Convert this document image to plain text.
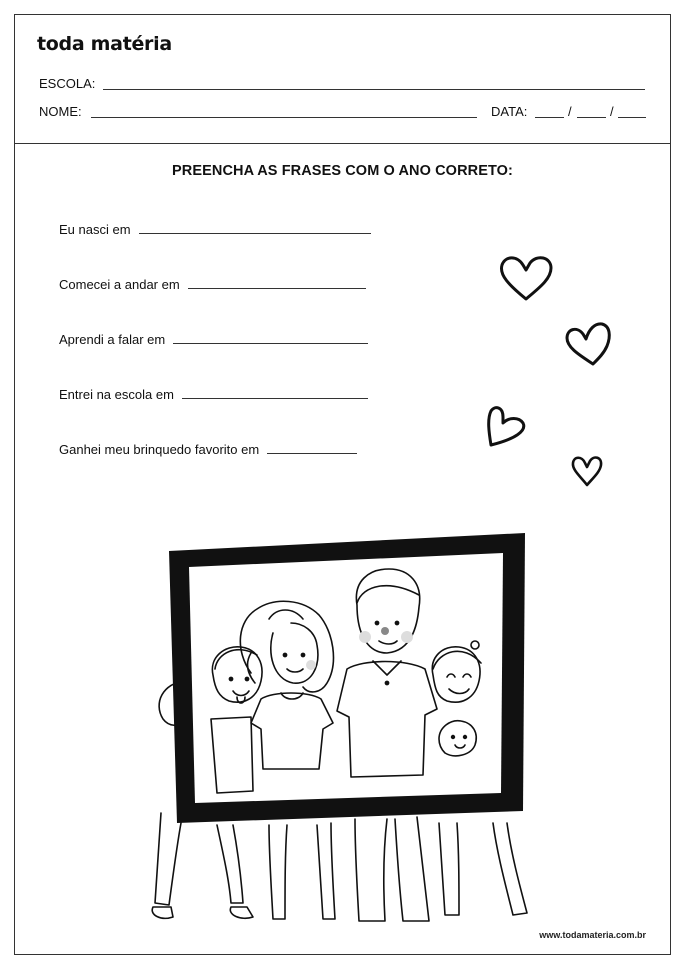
toda matéria
ESCOLA:
NOME:	DATA:	/	/
PREENCHA AS FRASES COM O ANO CORRETO:
Eu nasci em
Comecei a andar em
Aprendi a falar em
Entrei na escola em
Ganhei meu brinquedo favorito em
www.todamateria.com.br
